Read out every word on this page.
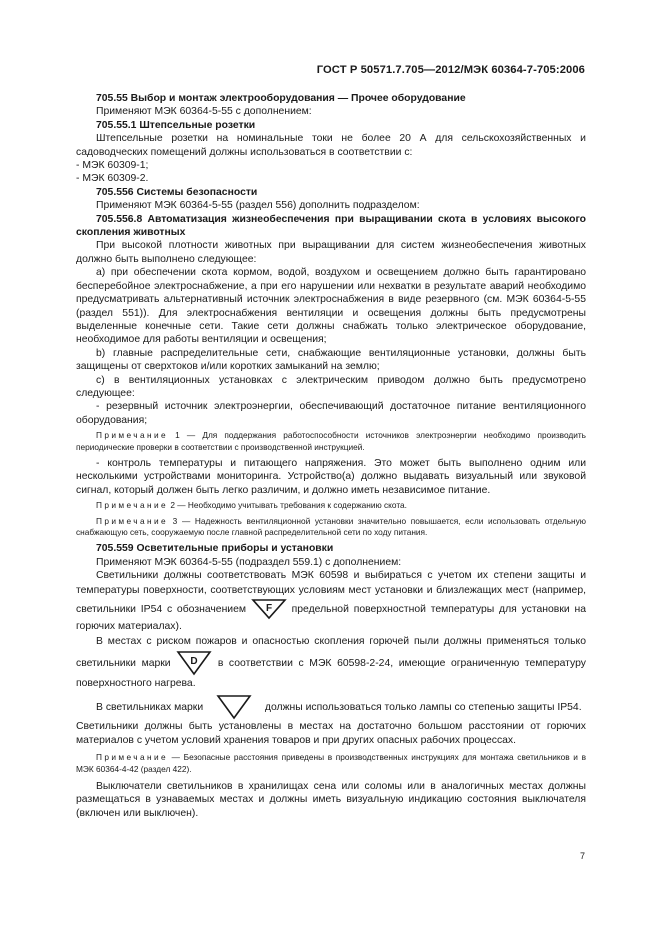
ГОСТ Р 50571.7.705—2012/МЭК 60364-7-705:2006

705.55 Выбор и монтаж электрооборудования — Прочее оборудование

Применяют МЭК 60364-5-55 с дополнением:

705.55.1 Штепсельные розетки

Штепсельные розетки на номинальные токи не более 20 А для сельскохозяйственных и садоводческих помещений должны использоваться в соответствии с:

- МЭК 60309-1;

- МЭК 60309-2.

705.556 Системы безопасности

Применяют МЭК 60364-5-55 (раздел 556) дополнить подразделом:

705.556.8 Автоматизация жизнеобеспечения при выращивании скота в условиях высокого скопления животных

При высокой плотности животных при выращивании для систем жизнеобеспечения животных должно быть выполнено следующее:

а) при обеспечении скота кормом, водой, воздухом и освещением должно быть гарантировано бесперебойное электроснабжение, а при его нарушении или нехватки в результате аварий необходимо предусматривать альтернативный источник электроснабжения в виде резервного (см. МЭК 60364-5-55 (раздел 551)). Для электроснабжения вентиляции и освещения должны быть предусмотрены выделенные конечные сети. Такие сети должны снабжать только электрическое оборудование, необходимое для работы вентиляции и освещения;

b) главные распределительные сети, снабжающие вентиляционные установки, должны быть защищены от сверхтоков и/или коротких замыканий на землю;

с) в вентиляционных установках с электрическим приводом должно быть предусмотрено следующее:

- резервный источник электроэнергии, обеспечивающий достаточное питание вентиляционного оборудования;

Примечание 1 — Для поддержания работоспособности источников электроэнергии необходимо производить периодические проверки в соответствии с производственной инструкцией.

- контроль температуры и питающего напряжения. Это может быть выполнено одним или несколькими устройствами мониторинга. Устройство(а) должно выдавать визуальный или звуковой сигнал, который должен быть легко различим, и должно иметь независимое питание.

Примечание 2 — Необходимо учитывать требования к содержанию скота.

Примечание 3 — Надежность вентиляционной установки значительно повышается, если использовать отдельную снабжающую сеть, сооружаемую после главной распределительной сети по ходу питания.

705.559 Осветительные приборы и установки

Применяют МЭК 60364-5-55 (подраздел 559.1) с дополнением:

Светильники должны соответствовать МЭК 60598 и выбираться с учетом их степени защиты и температуры поверхности, соответствующих условиям мест установки и близлежащих мест (например, светильники IP54 с обозначением F предельной поверхностной температуры для установки на горючих материалах).

В местах с риском пожаров и опасностью скопления горючей пыли должны применяться только светильники марки D в соответствии с МЭК 60598-2-24, имеющие ограниченную температуру поверхностного нагрева.

В светильниках марки	должны использоваться только лампы со степенью защиты IP54.

Светильники должны быть установлены в местах на достаточно большом расстоянии от горючих материалов с учетом условий хранения товаров и при других опасных рабочих процессах.

Примечание — Безопасные расстояния приведены в производственных инструкциях для монтажа светильников и в МЭК 60364-4-42 (раздел 422).

Выключатели светильников в хранилищах сена или соломы или в аналогичных местах должны размещаться в узнаваемых местах и должны иметь визуальную индикацию состояния выключателя (включен или выключен).

7
